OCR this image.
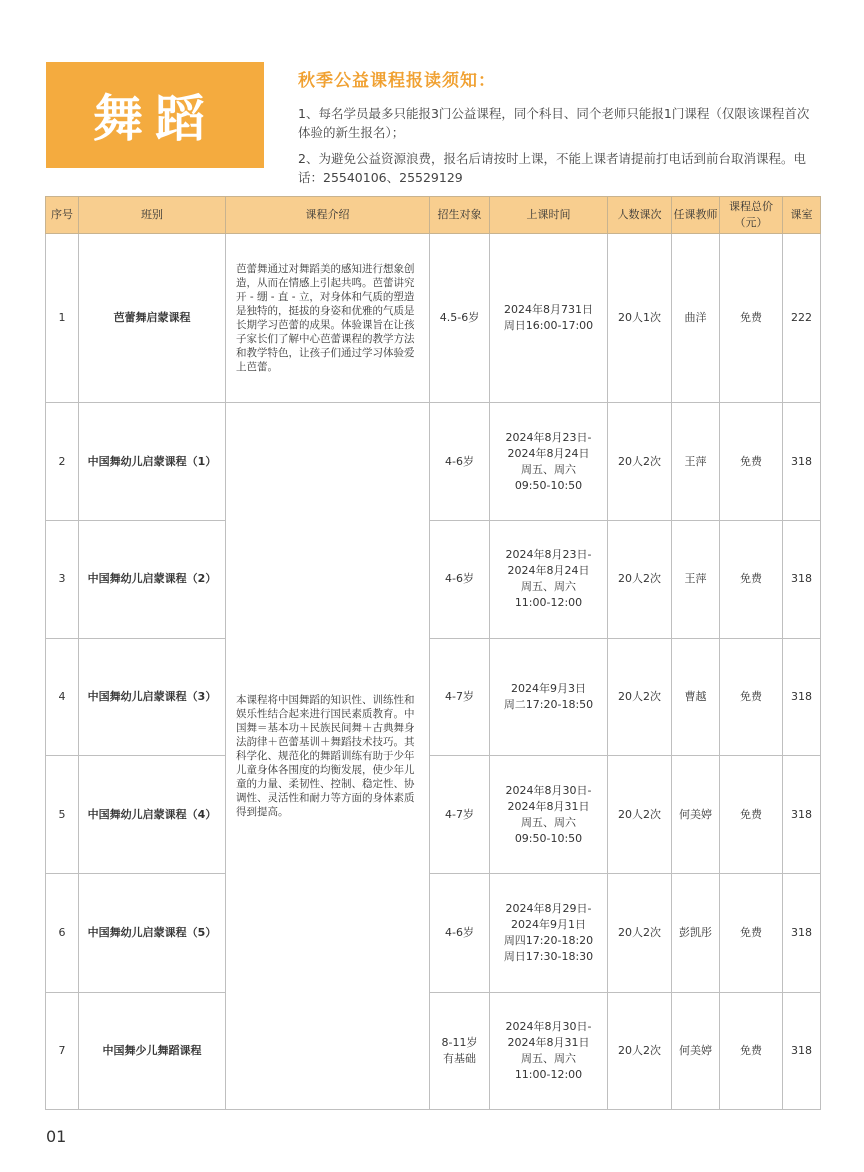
舞蹈
秋季公益课程报读须知：

1、每名学员最多只能报3门公益课程，同个科目、同个老师只能报1门课程（仅限该课程首次体验的新生报名）；

2、为避免公益资源浪费，报名后请按时上课，不能上课者请提前打电话到前台取消课程。电话：25540106、25529129

序号	班别	课程介绍	招生对象	上课时间	人数课次	任课教师	课程总价（元）	课室
1	芭蕾舞启蒙课程	芭蕾舞通过对舞蹈美的感知进行想象创造，从而在情感上引起共鸣。芭蕾讲究开 - 绷 - 直 - 立，对身体和气质的塑造是独特的，挺拔的身姿和优雅的气质是长期学习芭蕾的成果。体验课旨在让孩子家长们了解中心芭蕾课程的教学方法和教学特色，让孩子们通过学习体验爱上芭蕾。	4.5-6岁	2024年8月731日
周日16:00-17:00	20人1次	曲洋	免费	222
2	中国舞幼儿启蒙课程（1）	本课程将中国舞蹈的知识性、训练性和娱乐性结合起来进行国民素质教育。中国舞＝基本功＋民族民间舞＋古典舞身法韵律＋芭蕾基训＋舞蹈技术技巧。其科学化、规范化的舞蹈训练有助于少年儿童身体各围度的均衡发展，使少年儿童的力量、柔韧性、控制、稳定性、协调性、灵活性和耐力等方面的身体素质得到提高。	4-6岁	2024年8月23日-
2024年8月24日
周五、周六
09:50-10:50	20人2次	王萍	免费	318
3	中国舞幼儿启蒙课程（2）		4-6岁	2024年8月23日-
2024年8月24日
周五、周六
11:00-12:00	20人2次	王萍	免费	318
4	中国舞幼儿启蒙课程（3）		4-7岁	2024年9月3日
周二17:20-18:50	20人2次	曹越	免费	318
5	中国舞幼儿启蒙课程（4）		4-7岁	2024年8月30日-
2024年8月31日
周五、周六
09:50-10:50	20人2次	何美婷	免费	318
6	中国舞幼儿启蒙课程（5）		4-6岁	2024年8月29日-
2024年9月1日
周四17:20-18:20
周日17:30-18:30	20人2次	彭凯彤	免费	318
7	中国舞少儿舞蹈课程		8-11岁
有基础	2024年8月30日-
2024年8月31日
周五、周六
11:00-12:00	20人2次	何美婷	免费	318
01
